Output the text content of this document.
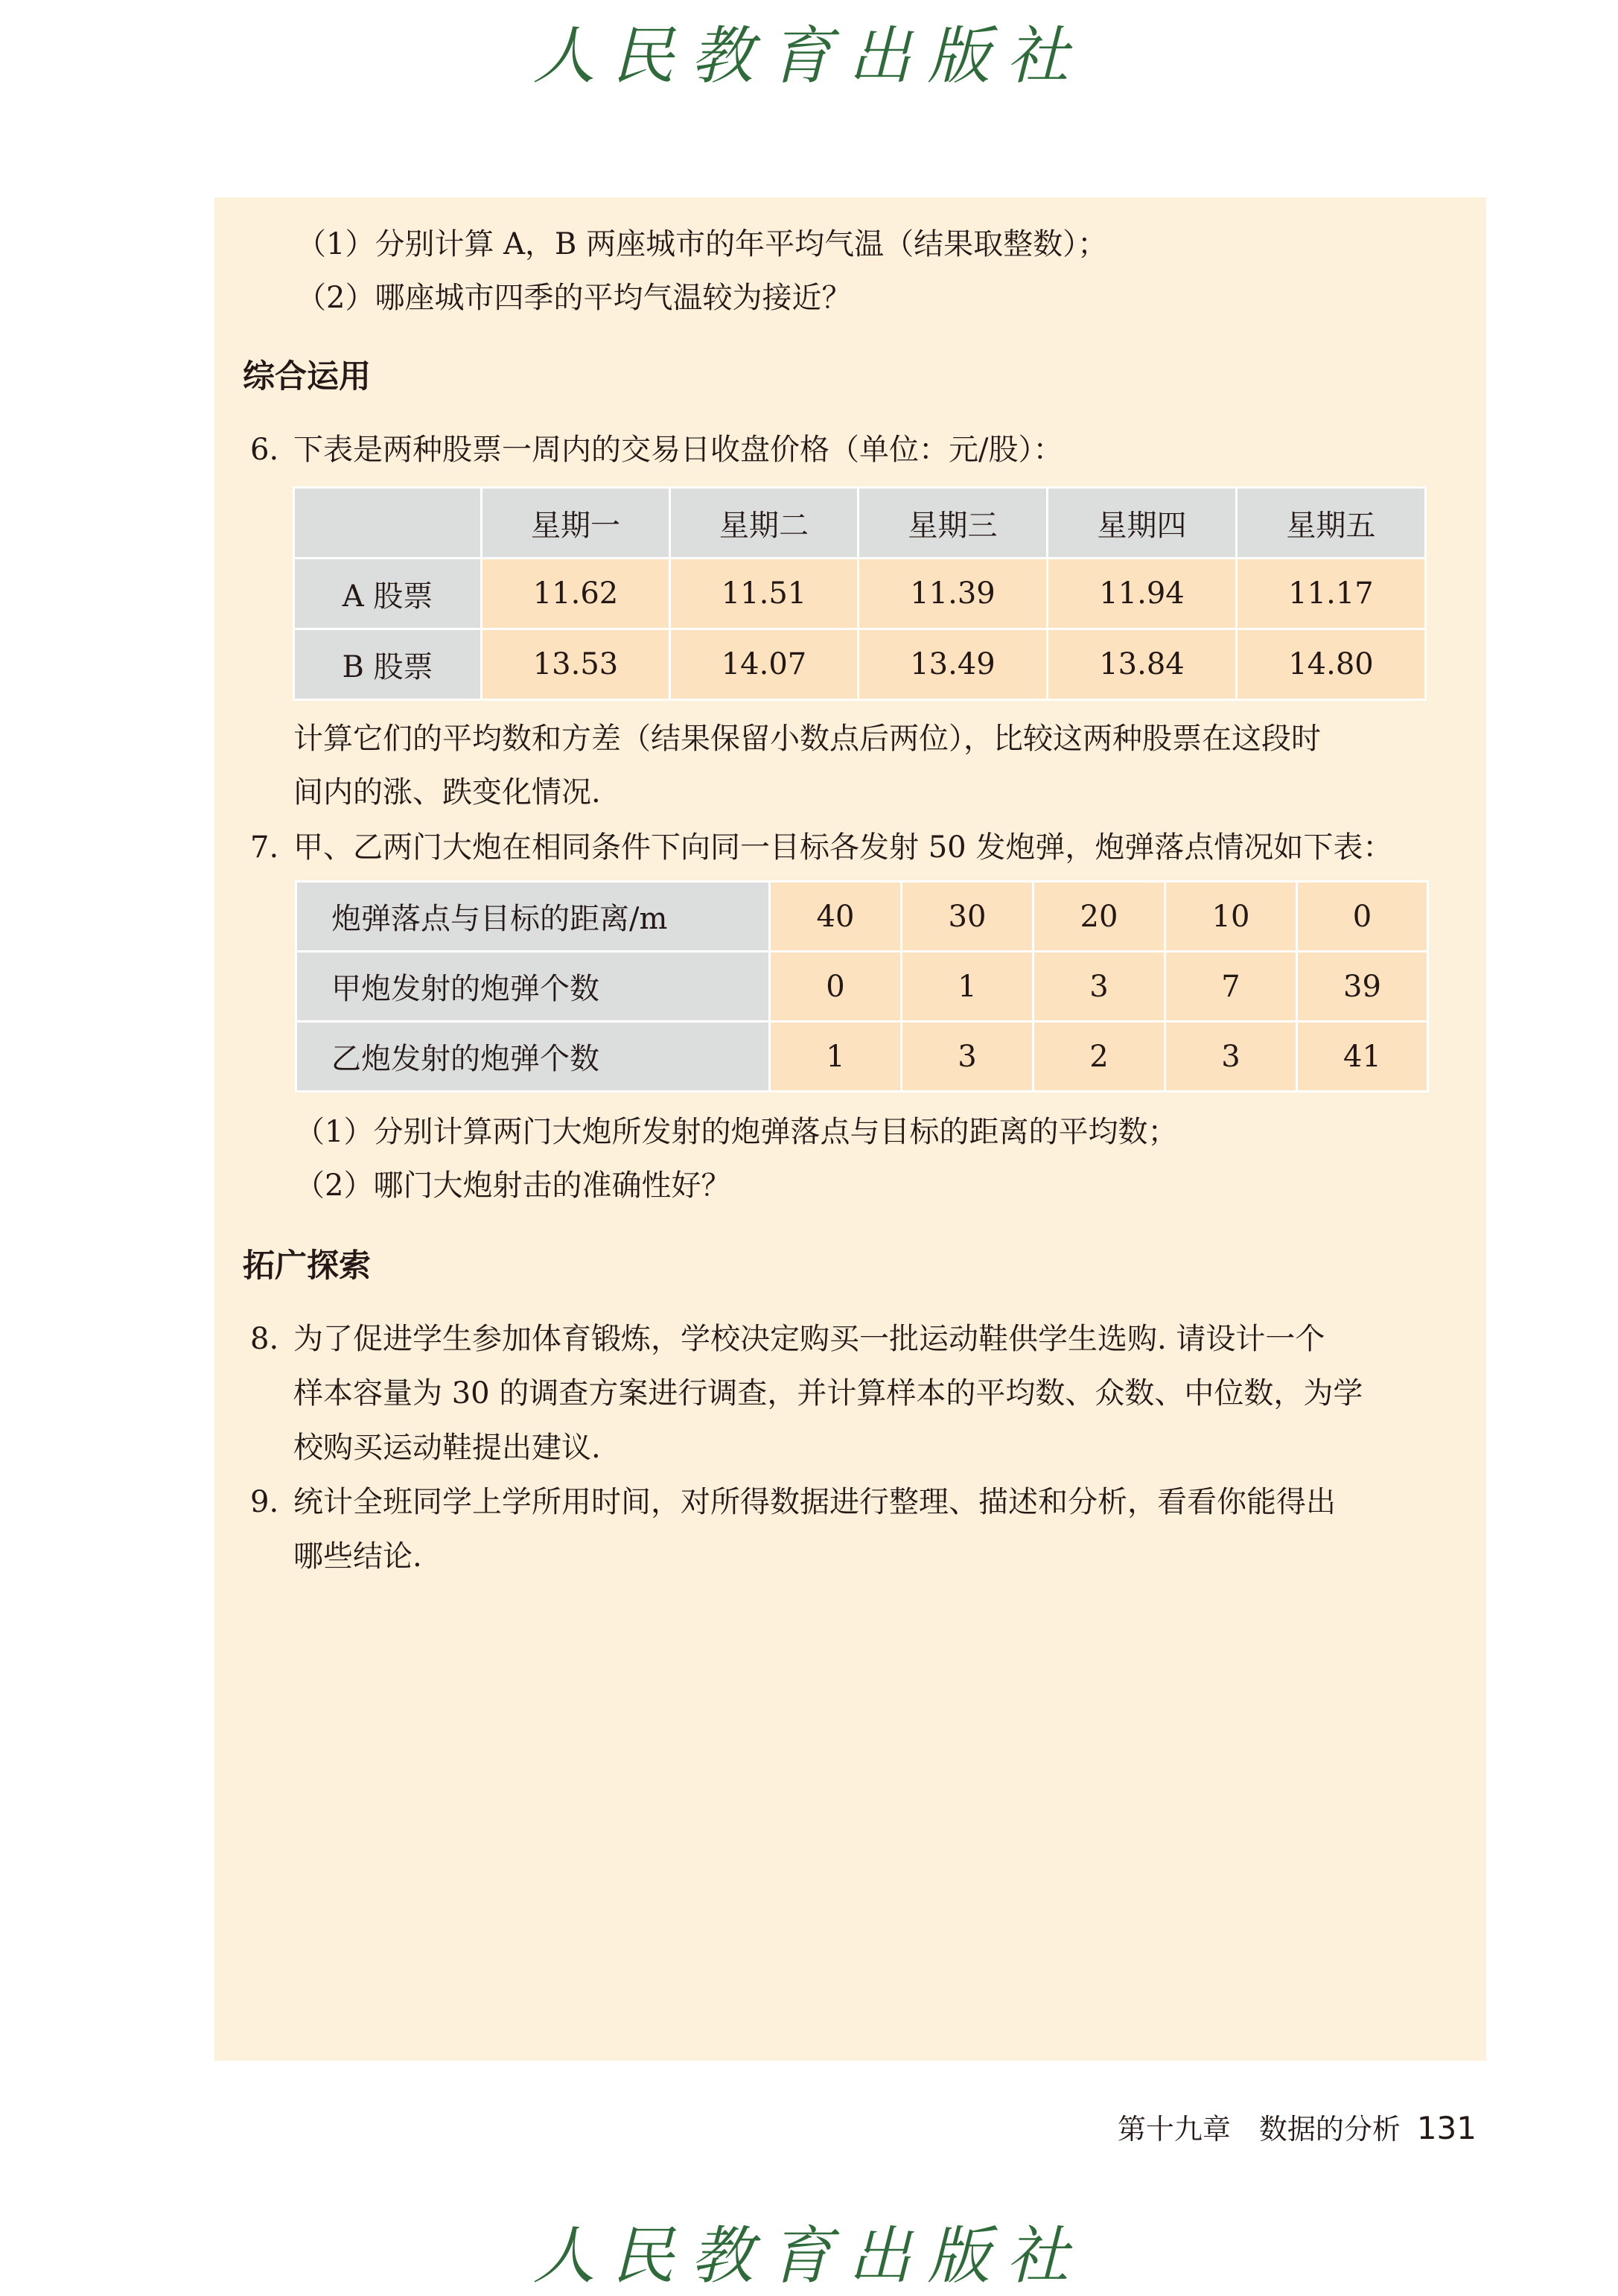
人民教育出版社
（1）分别计算 A，B 两座城市的年平均气温（结果取整数）；
（2）哪座城市四季的平均气温较为接近？
综合运用
6. 下表是两种股票一周内的交易日收盘价格（单位：元/股）：
	星期一	星期二	星期三	星期四	星期五
A 股票	11.62	11.51	11.39	11.94	11.17
B 股票	13.53	14.07	13.49	13.84	14.80
计算它们的平均数和方差（结果保留小数点后两位），比较这两种股票在这段时
间内的涨、跌变化情况.
7. 甲、乙两门大炮在相同条件下向同一目标各发射 50 发炮弹，炮弹落点情况如下表：
炮弹落点与目标的距离/m	40	30	20	10	0
甲炮发射的炮弹个数	0	1	3	7	39
乙炮发射的炮弹个数	1	3	2	3	41
（1）分别计算两门大炮所发射的炮弹落点与目标的距离的平均数；
（2）哪门大炮射击的准确性好？
拓广探索
8. 为了促进学生参加体育锻炼，学校决定购买一批运动鞋供学生选购. 请设计一个
样本容量为 30 的调查方案进行调查，并计算样本的平均数、众数、中位数，为学
校购买运动鞋提出建议.
9. 统计全班同学上学所用时间，对所得数据进行整理、描述和分析，看看你能得出
哪些结论.
第十九章　数据的分析 131
人民教育出版社
